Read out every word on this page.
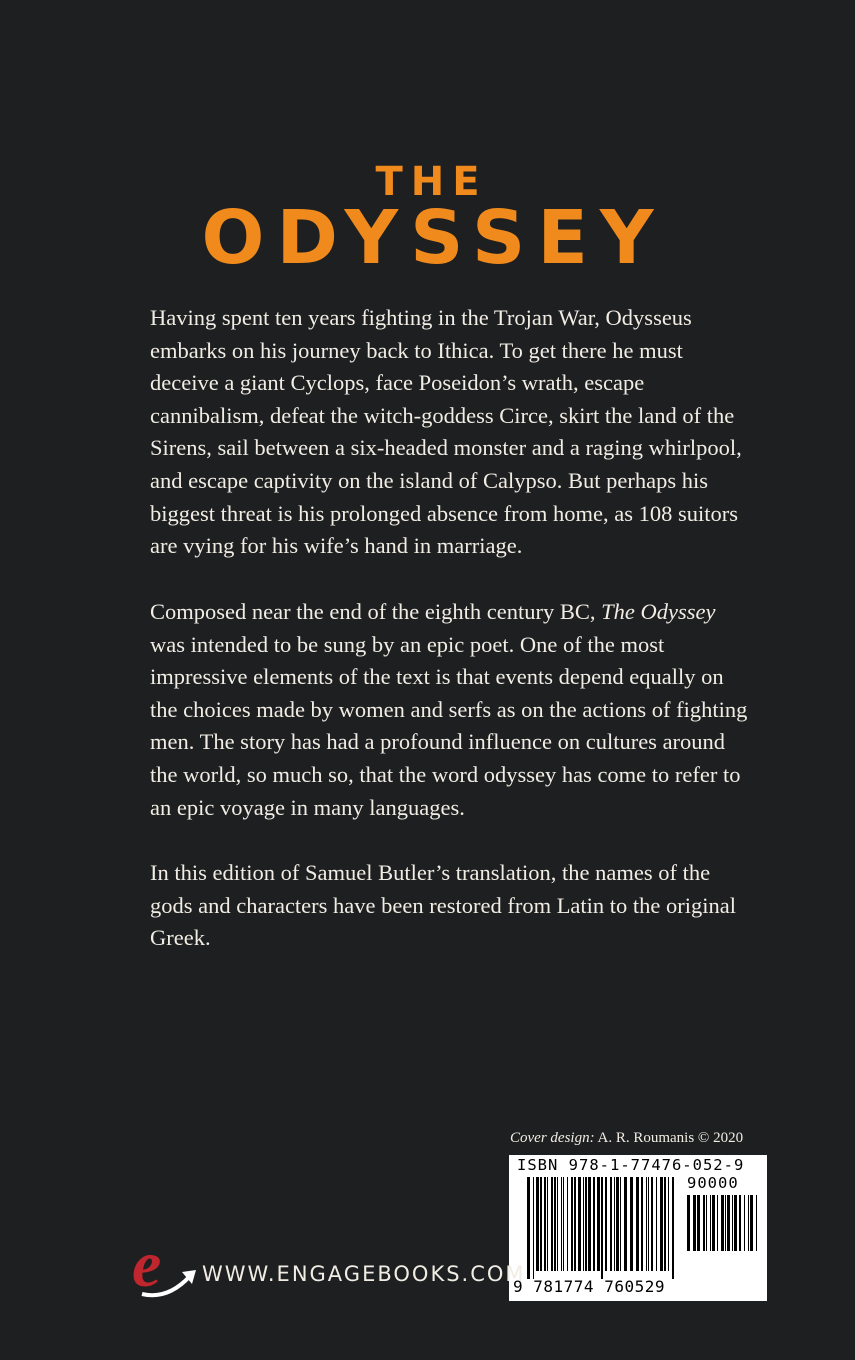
THE
ODYSSEY

Having spent ten years fighting in the Trojan War, Odysseus embarks on his journey back to Ithica. To get there he must deceive a giant Cyclops, face Poseidon’s wrath, escape cannibalism, defeat the witch-goddess Circe, skirt the land of the Sirens, sail between a six-headed monster and a raging whirlpool, and escape captivity on the island of Calypso. But perhaps his biggest threat is his prolonged absence from home, as 108 suitors are vying for his wife’s hand in marriage.

Composed near the end of the eighth century BC, The Odyssey was intended to be sung by an epic poet. One of the most impressive elements of the text is that events depend equally on the choices made by women and serfs as on the actions of fighting men. The story has had a profound influence on cultures around the world, so much so, that the word odyssey has come to refer to an epic voyage in many languages.

In this edition of Samuel Butler’s translation, the names of the gods and characters have been restored from Latin to the original Greek.

Cover design: A. R. Roumanis © 2020
ISBN 978-1-77476-052-9
90000
9 781774 760529
e WWW.ENGAGEBOOKS.COM
